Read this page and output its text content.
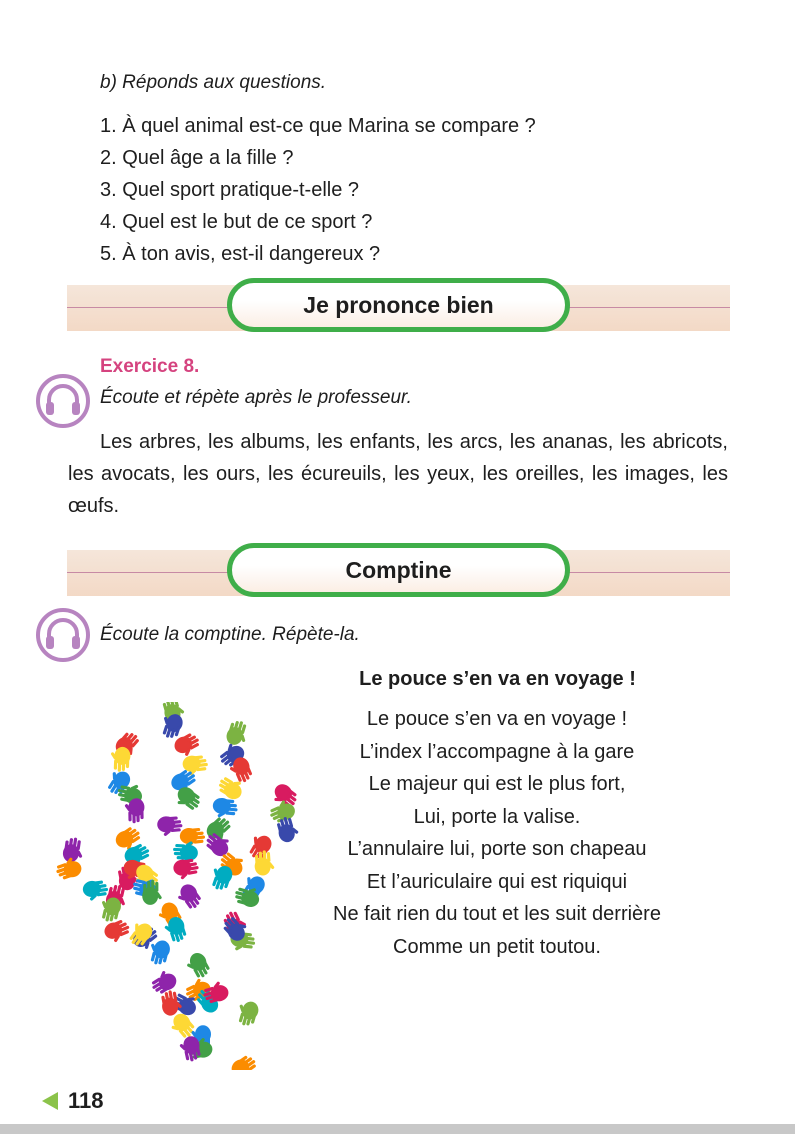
b) Réponds aux questions.
1. À quel animal est-ce que Marina se compare ?
2. Quel âge a la fille ?
3. Quel sport pratique-t-elle ?
4. Quel est le but de ce sport ?
5. À ton avis, est-il dangereux ?
Je prononce bien
Exercice 8.
Écoute et répète après le professeur.
Les arbres, les albums, les enfants, les arcs, les ananas, les abricots, les avocats, les ours, les écureuils, les yeux, les oreilles, les images, les œufs.
Comptine
Écoute la comptine. Répète-la.
Le pouce s’en va en voyage !
Le pouce s’en va en voyage !
L’index l’accompagne à la gare
Le majeur qui est le plus fort,
Lui, porte la valise.
L’annulaire lui, porte son chapeau
Et l’auriculaire qui est riquiqui
Ne fait rien du tout et les suit derrière
Comme un petit toutou.
118
